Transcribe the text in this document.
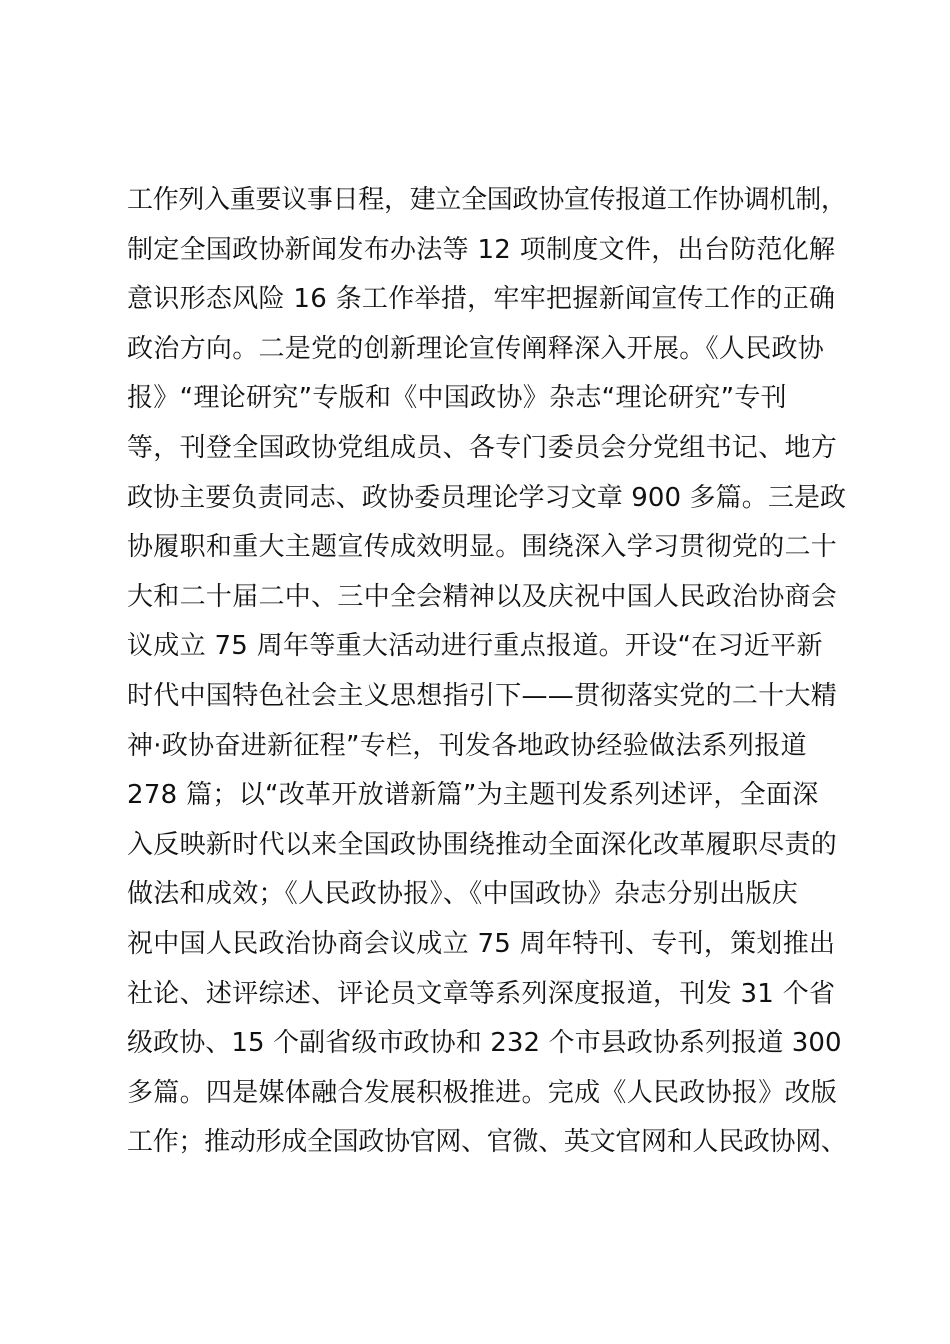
工作列入重要议事日程，建立全国政协宣传报道工作协调机制，
制定全国政协新闻发布办法等 12 项制度文件，出台防范化解
意识形态风险 16 条工作举措，牢牢把握新闻宣传工作的正确
政治方向。二是党的创新理论宣传阐释深入开展。《人民政协
报》“理论研究”专版和《中国政协》杂志“理论研究”专刊
等，刊登全国政协党组成员、各专门委员会分党组书记、地方
政协主要负责同志、政协委员理论学习文章 900 多篇。三是政
协履职和重大主题宣传成效明显。围绕深入学习贯彻党的二十
大和二十届二中、三中全会精神以及庆祝中国人民政治协商会
议成立 75 周年等重大活动进行重点报道。开设“在习近平新
时代中国特色社会主义思想指引下——贯彻落实党的二十大精
神·政协奋进新征程”专栏，刊发各地政协经验做法系列报道
278 篇；以“改革开放谱新篇”为主题刊发系列述评，全面深
入反映新时代以来全国政协围绕推动全面深化改革履职尽责的
做法和成效；《人民政协报》、《中国政协》杂志分别出版庆
祝中国人民政治协商会议成立 75 周年特刊、专刊，策划推出
社论、述评综述、评论员文章等系列深度报道，刊发 31 个省
级政协、15 个副省级市政协和 232 个市县政协系列报道 300
多篇。四是媒体融合发展积极推进。完成《人民政协报》改版
工作；推动形成全国政协官网、官微、英文官网和人民政协网、
